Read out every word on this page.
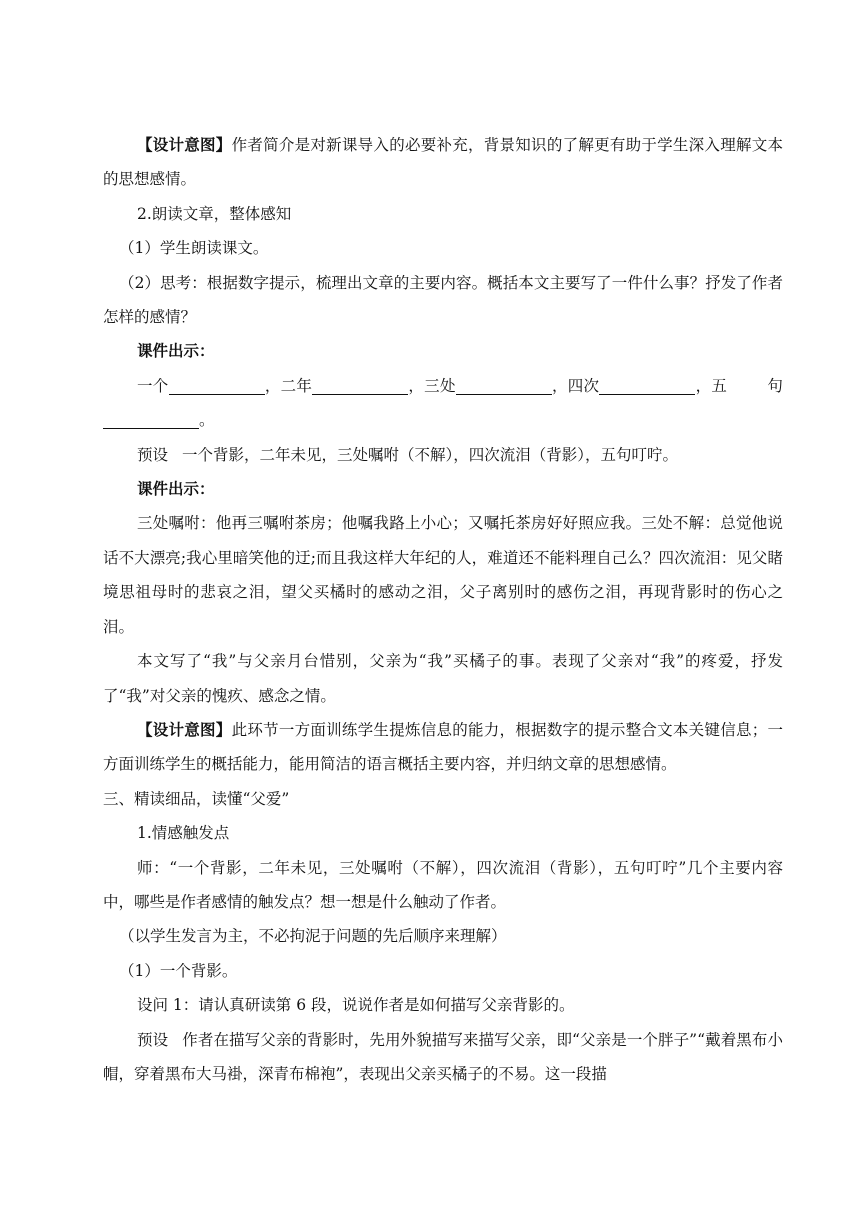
【设计意图】作者简介是对新课导入的必要补充，背景知识的了解更有助于学生深入理解文本的思想感情。

2.朗读文章，整体感知

（1）学生朗读课文。

（2）思考：根据数字提示，梳理出文章的主要内容。概括本文主要写了一件什么事？抒发了作者怎样的感情？

课件出示：

一个	，二年	，三处	，四次	，五	句。

预设 一个背影，二年未见，三处嘱咐（不解），四次流泪（背影），五句叮咛。

课件出示：

三处嘱咐：他再三嘱咐茶房；他嘱我路上小心；又嘱托茶房好好照应我。三处不解：总觉他说话不大漂亮;我心里暗笑他的迂;而且我这样大年纪的人，难道还不能料理自己么？四次流泪：见父睹境思祖母时的悲哀之泪，望父买橘时的感动之泪，父子离别时的感伤之泪，再现背影时的伤心之泪。

本文写了“我”与父亲月台惜别，父亲为“我”买橘子的事。表现了父亲对“我”的疼爱，抒发了“我”对父亲的愧疚、感念之情。

【设计意图】此环节一方面训练学生提炼信息的能力，根据数字的提示整合文本关键信息；一方面训练学生的概括能力，能用简洁的语言概括主要内容，并归纳文章的思想感情。

三、精读细品，读懂“父爱”

1.情感触发点

师：“一个背影，二年未见，三处嘱咐（不解），四次流泪（背影），五句叮咛”几个主要内容中，哪些是作者感情的触发点？想一想是什么触动了作者。

（以学生发言为主，不必拘泥于问题的先后顺序来理解）

（1）一个背影。

设问 1：请认真研读第 6 段，说说作者是如何描写父亲背影的。

预设 作者在描写父亲的背影时，先用外貌描写来描写父亲，即“父亲是一个胖子”“戴着黑布小帽，穿着黑布大马褂，深青布棉袍”，表现出父亲买橘子的不易。这一段描
